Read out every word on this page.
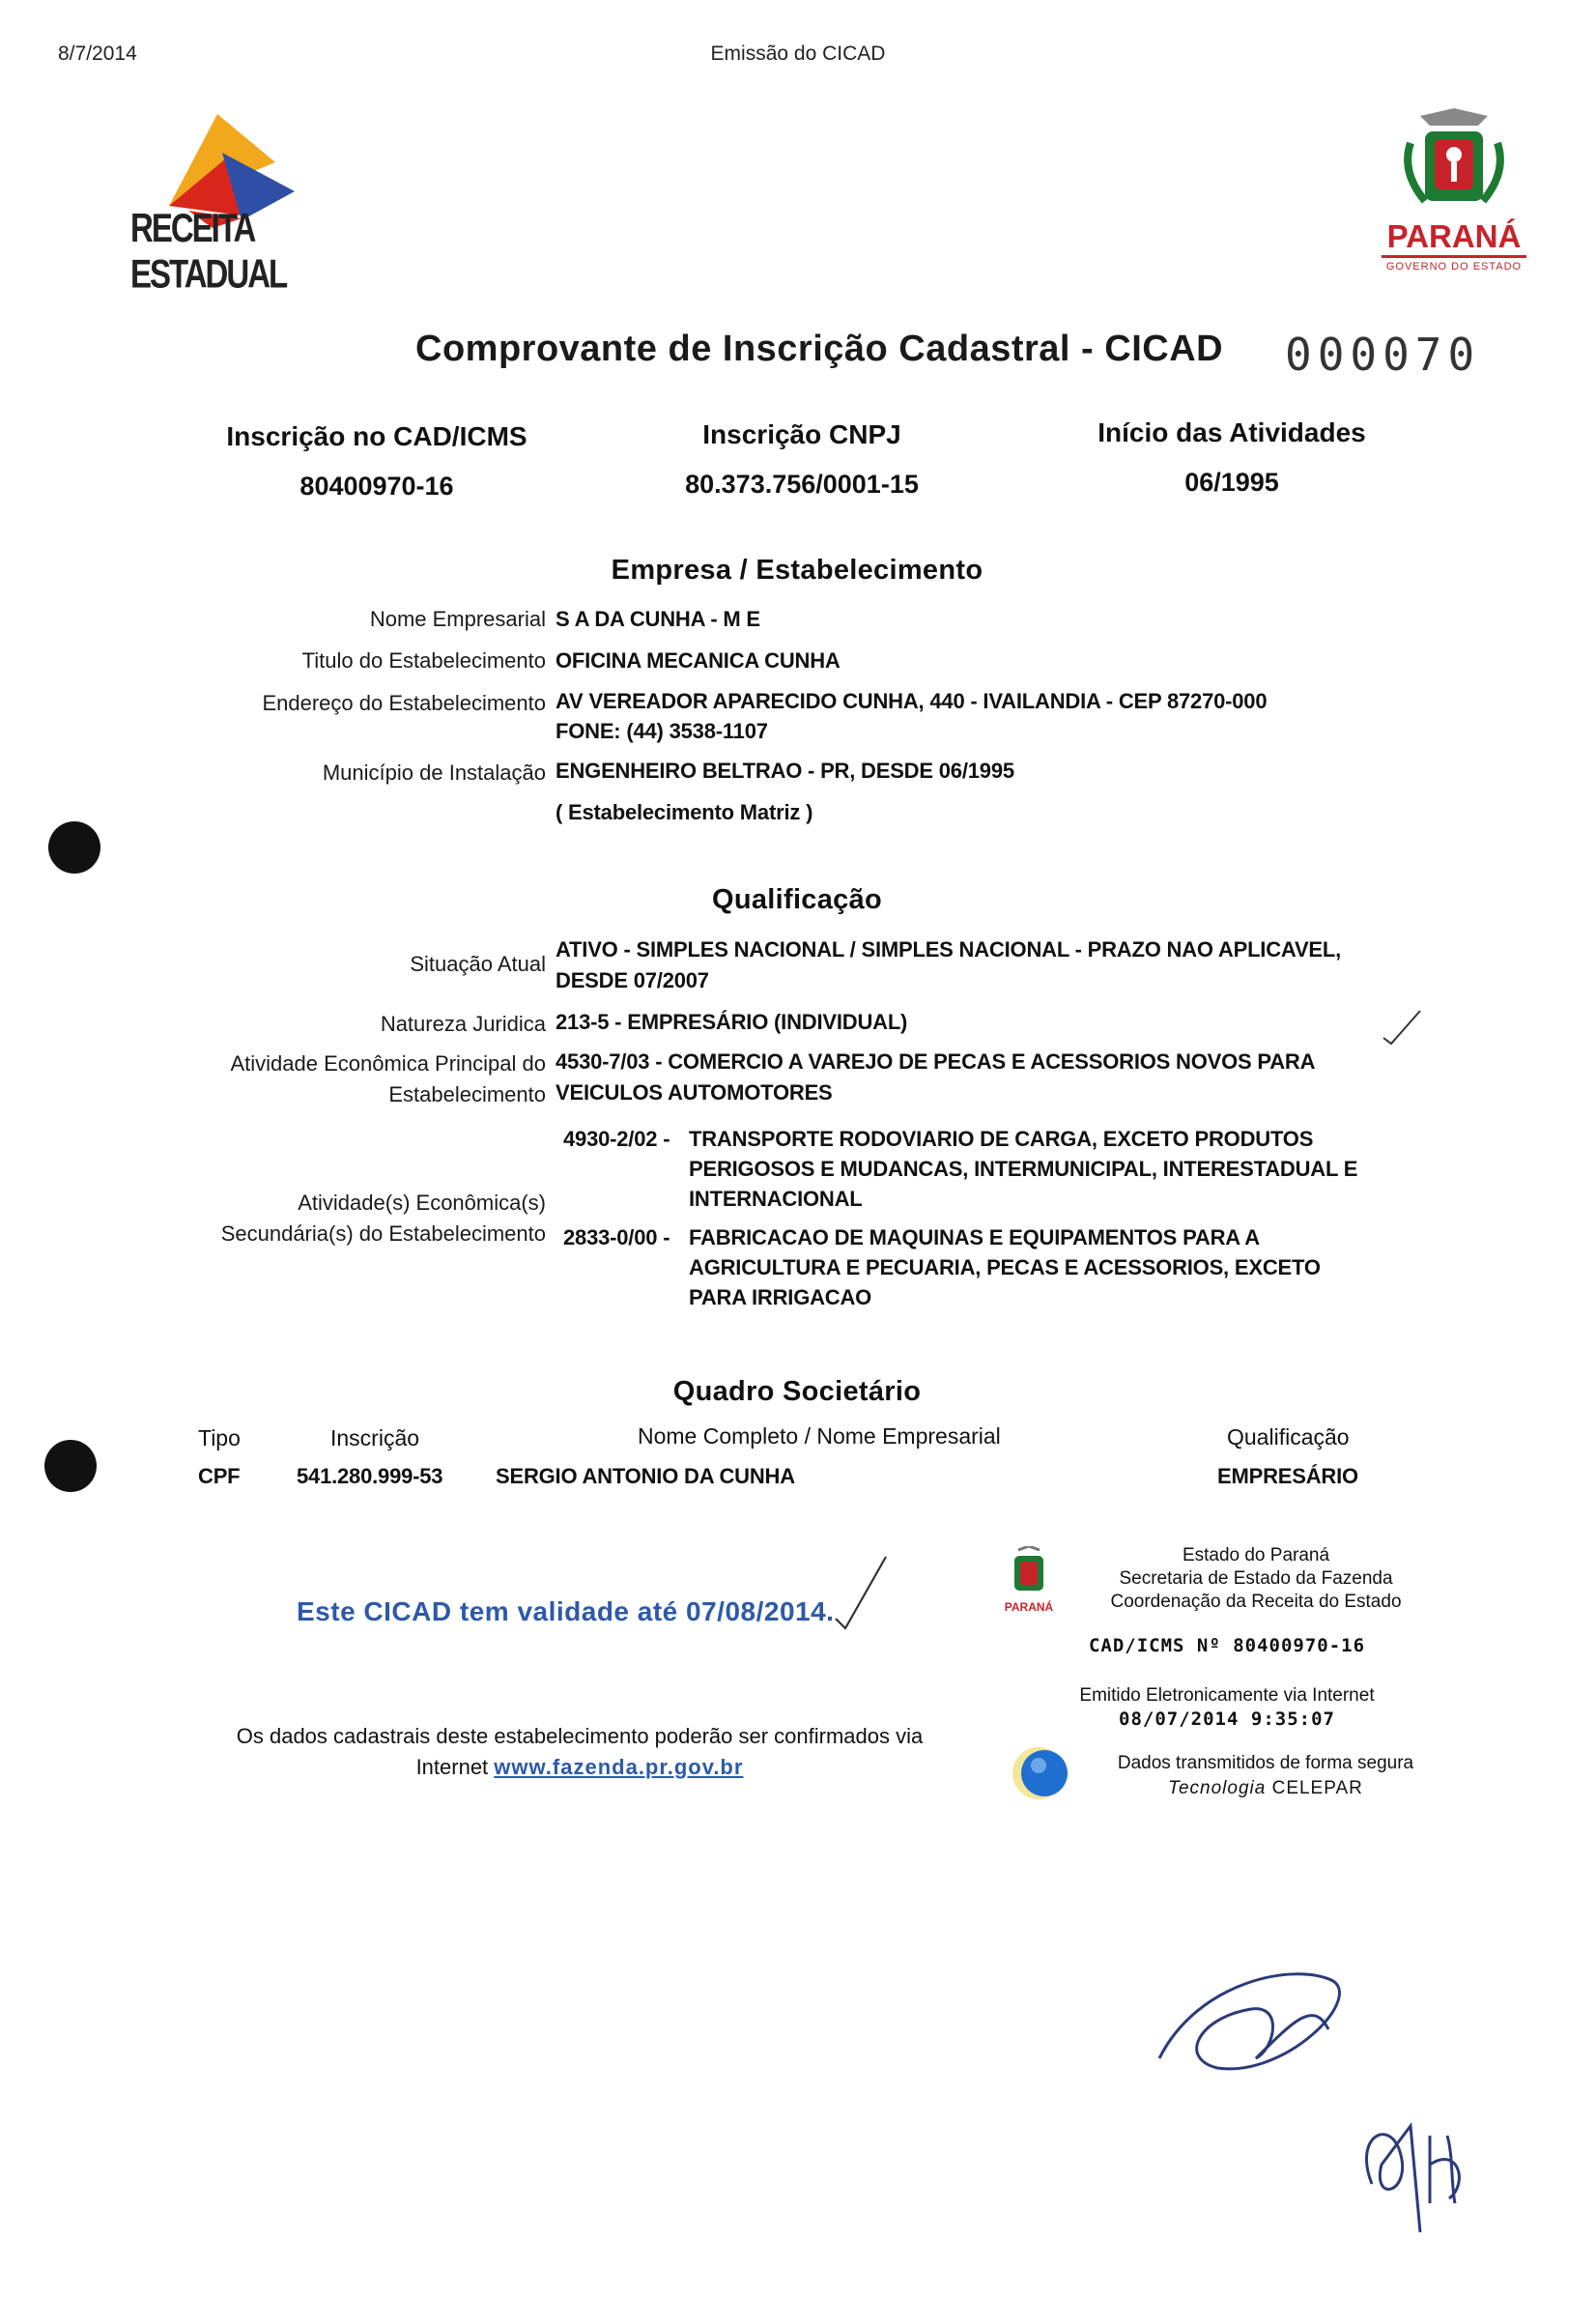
8/7/2014	Emissão do CICAD
RECEITA ESTADUAL
PARANÁ
GOVERNO DO ESTADO
Comprovante de Inscrição Cadastral - CICAD 000070
Inscrição no CAD/ICMS
80400970-16
Inscrição CNPJ
80.373.756/0001-15
Início das Atividades
06/1995
Empresa / Estabelecimento
Nome Empresarial S A DA CUNHA - M E
Titulo do Estabelecimento OFICINA MECANICA CUNHA
Endereço do Estabelecimento AV VEREADOR APARECIDO CUNHA, 440 - IVAILANDIA - CEP 87270-000
FONE: (44) 3538-1107
Município de Instalação ENGENHEIRO BELTRAO - PR, DESDE 06/1995
( Estabelecimento Matriz )
Qualificação
Situação Atual
ATIVO - SIMPLES NACIONAL / SIMPLES NACIONAL - PRAZO NAO APLICAVEL,
DESDE 07/2007
Natureza Juridica 213-5 - EMPRESÁRIO (INDIVIDUAL)
Atividade Econômica Principal do
Estabelecimento
4530-7/03 - COMERCIO A VAREJO DE PECAS E ACESSORIOS NOVOS PARA
VEICULOS AUTOMOTORES
Atividade(s) Econômica(s)
Secundária(s) do Estabelecimento
4930-2/02 - TRANSPORTE RODOVIARIO DE CARGA, EXCETO PRODUTOS
PERIGOSOS E MUDANCAS, INTERMUNICIPAL, INTERESTADUAL E
INTERNACIONAL
2833-0/00 - FABRICACAO DE MAQUINAS E EQUIPAMENTOS PARA A
AGRICULTURA E PECUARIA, PECAS E ACESSORIOS, EXCETO
PARA IRRIGACAO
Quadro Societário
Tipo	Inscrição	Nome Completo / Nome Empresarial	Qualificação
CPF	541.280.999-53 SERGIO ANTONIO DA CUNHA	EMPRESÁRIO
Este CICAD tem validade até 07/08/2014.
Os dados cadastrais deste estabelecimento poderão ser confirmados via
Internet www.fazenda.pr.gov.br
PARANÁ
Estado do Paraná
Secretaria de Estado da Fazenda
Coordenação da Receita do Estado
CAD/ICMS Nº 80400970-16
Emitido Eletronicamente via Internet
08/07/2014 9:35:07
Dados transmitidos de forma segura
Tecnologia CELEPAR
